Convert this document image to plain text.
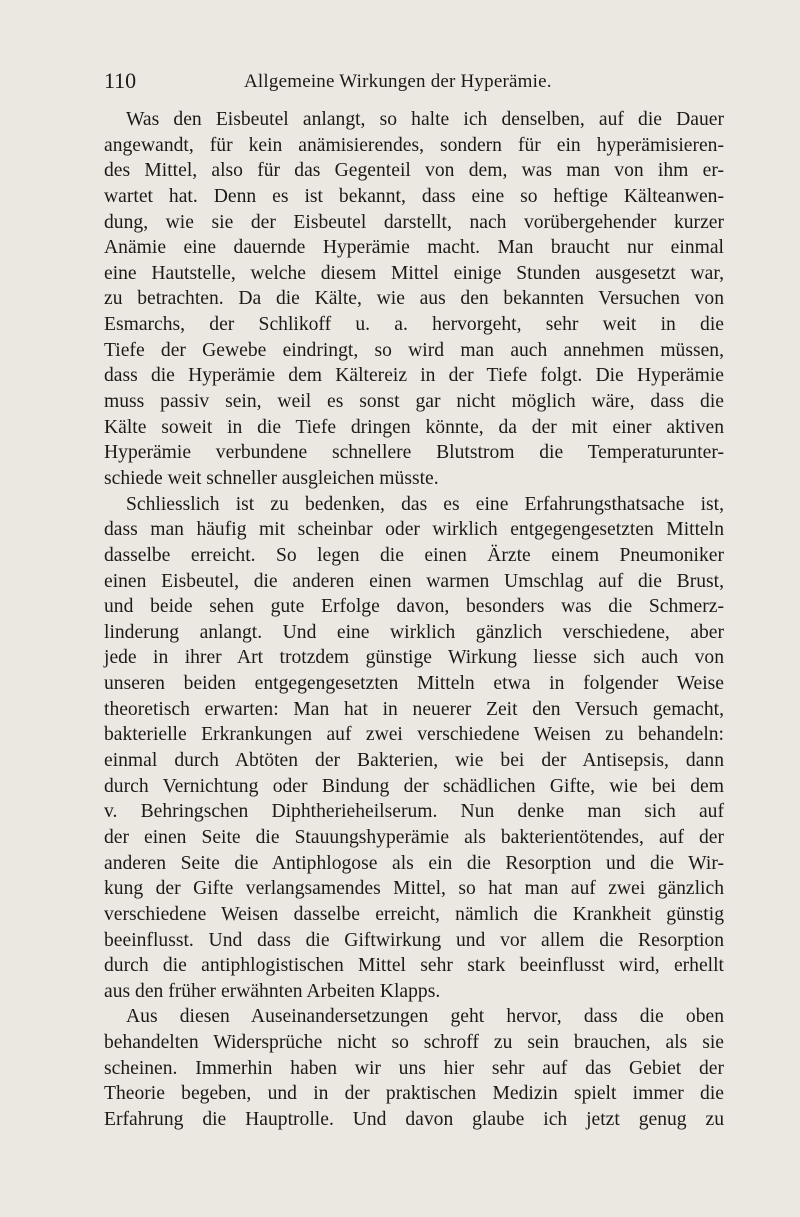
110	Allgemeine Wirkungen der Hyperämie.
Was den Eisbeutel anlangt, so halte ich denselben, auf die Dauer
angewandt, für kein anämisierendes, sondern für ein hyperämisieren-
des Mittel, also für das Gegenteil von dem, was man von ihm er-
wartet hat. Denn es ist bekannt, dass eine so heftige Kälteanwen-
dung, wie sie der Eisbeutel darstellt, nach vorübergehender kurzer
Anämie eine dauernde Hyperämie macht. Man braucht nur einmal
eine Hautstelle, welche diesem Mittel einige Stunden ausgesetzt war,
zu betrachten. Da die Kälte, wie aus den bekannten Versuchen von
Esmarchs, der Schlikoff u. a. hervorgeht, sehr weit in die
Tiefe der Gewebe eindringt, so wird man auch annehmen müssen,
dass die Hyperämie dem Kältereiz in der Tiefe folgt. Die Hyperämie
muss passiv sein, weil es sonst gar nicht möglich wäre, dass die
Kälte soweit in die Tiefe dringen könnte, da der mit einer aktiven
Hyperämie verbundene schnellere Blutstrom die Temperaturunter-
schiede weit schneller ausgleichen müsste.
Schliesslich ist zu bedenken, das es eine Erfahrungsthatsache ist,
dass man häufig mit scheinbar oder wirklich entgegengesetzten Mitteln
dasselbe erreicht. So legen die einen Ärzte einem Pneumoniker
einen Eisbeutel, die anderen einen warmen Umschlag auf die Brust,
und beide sehen gute Erfolge davon, besonders was die Schmerz-
linderung anlangt. Und eine wirklich gänzlich verschiedene, aber
jede in ihrer Art trotzdem günstige Wirkung liesse sich auch von
unseren beiden entgegengesetzten Mitteln etwa in folgender Weise
theoretisch erwarten: Man hat in neuerer Zeit den Versuch gemacht,
bakterielle Erkrankungen auf zwei verschiedene Weisen zu behandeln:
einmal durch Abtöten der Bakterien, wie bei der Antisepsis, dann
durch Vernichtung oder Bindung der schädlichen Gifte, wie bei dem
v. Behringschen Diphtherieheilserum. Nun denke man sich auf
der einen Seite die Stauungshyperämie als bakterientötendes, auf der
anderen Seite die Antiphlogose als ein die Resorption und die Wir-
kung der Gifte verlangsamendes Mittel, so hat man auf zwei gänzlich
verschiedene Weisen dasselbe erreicht, nämlich die Krankheit günstig
beeinflusst. Und dass die Giftwirkung und vor allem die Resorption
durch die antiphlogistischen Mittel sehr stark beeinflusst wird, erhellt
aus den früher erwähnten Arbeiten Klapps.
Aus diesen Auseinandersetzungen geht hervor, dass die oben
behandelten Widersprüche nicht so schroff zu sein brauchen, als sie
scheinen. Immerhin haben wir uns hier sehr auf das Gebiet der
Theorie begeben, und in der praktischen Medizin spielt immer die
Erfahrung die Hauptrolle. Und davon glaube ich jetzt genug zu
